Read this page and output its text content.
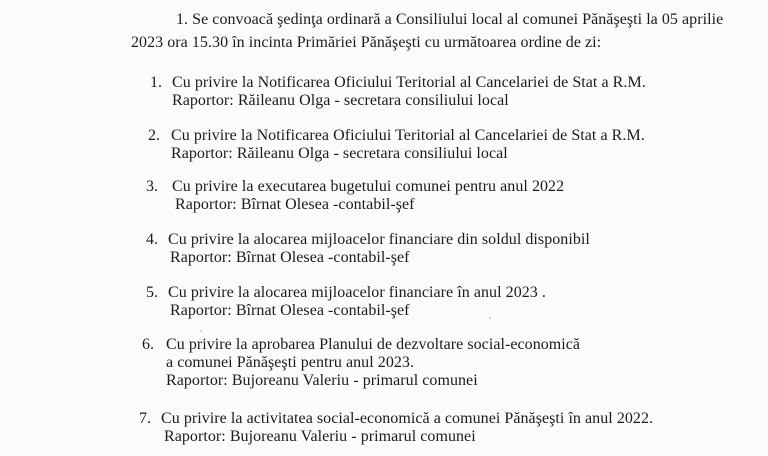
1. Se convoacă şedinţa ordinară a Consiliului local al comunei Pănăşeşti la 05 aprilie
2023 ora 15.30 în incinta Primăriei Pănăşeşti cu următoarea ordine de zi:
1. Cu privire la Notificarea Oficiului Teritorial al Cancelariei de Stat a R.M.
Raportor: Răileanu Olga - secretara consiliului local
2. Cu privire la Notificarea Oficiului Teritorial al Cancelariei de Stat a R.M.
Raportor: Răileanu Olga - secretara consiliului local
3. Cu privire la executarea bugetului comunei pentru anul 2022
Raportor: Bîrnat Olesea -contabil-şef
4. Cu privire la alocarea mijloacelor financiare din soldul disponibil
Raportor: Bîrnat Olesea -contabil-şef
5. Cu privire la alocarea mijloacelor financiare în anul 2023 .
Raportor: Bîrnat Olesea -contabil-şef
6. Cu privire la aprobarea Planului de dezvoltare social-economică
a comunei Pănăşeşti pentru anul 2023.
Raportor: Bujoreanu Valeriu - primarul comunei
7. Cu privire la activitatea social-economică a comunei Pănăşeşti în anul 2022.
Raportor: Bujoreanu Valeriu - primarul comunei
